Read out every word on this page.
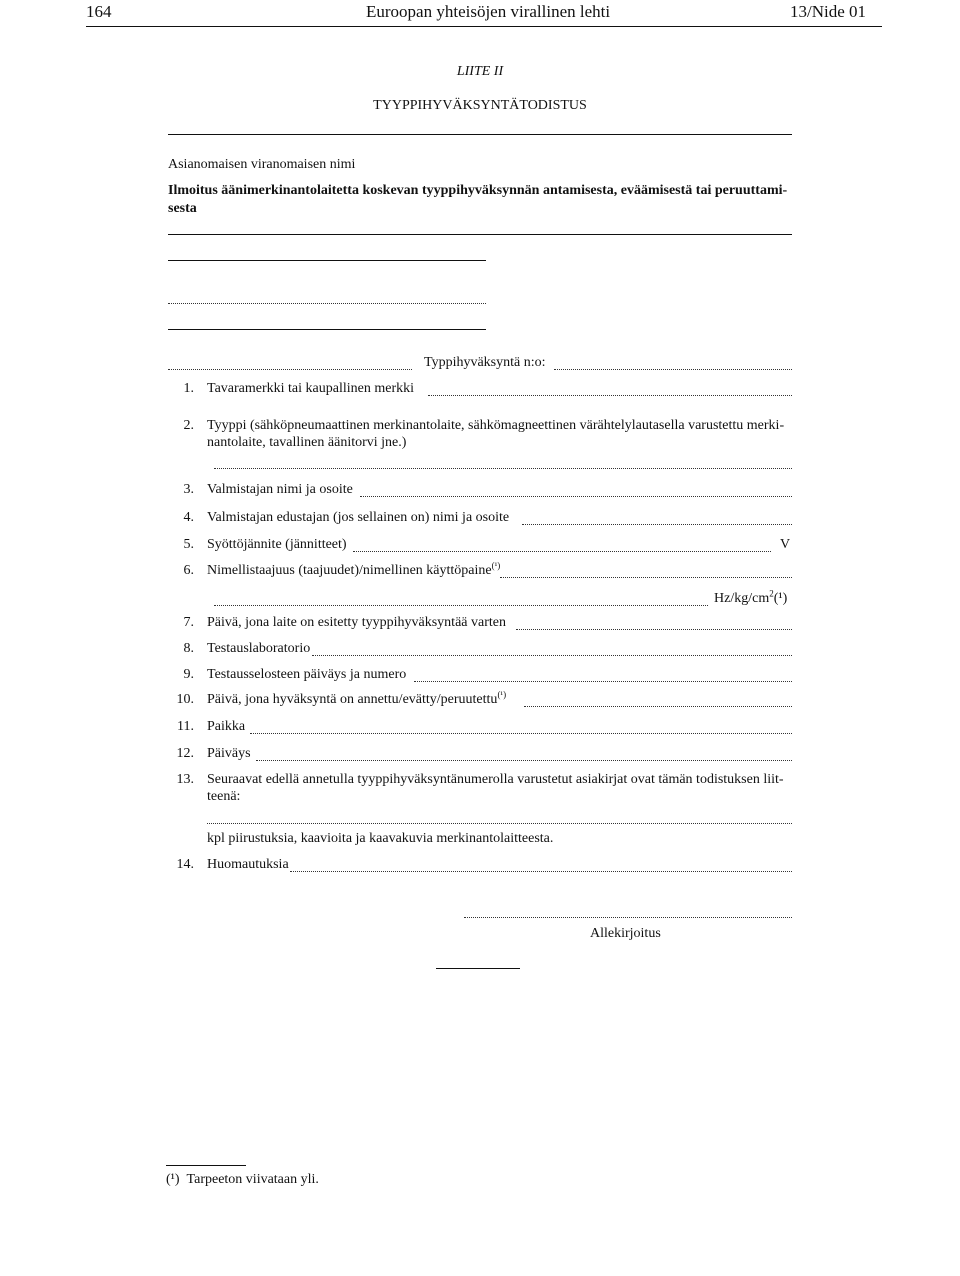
164	Euroopan yhteisöjen virallinen lehti	13/Nide 01
LIITE II
TYYPPIHYVÄKSYNTÄTODISTUS
Asianomaisen viranomaisen nimi
Ilmoitus äänimerkinantolaitetta koskevan tyyppihyväksynnän antamisesta, eväämisestä tai peruuttami-
sesta
Typpihyväksyntä n:o:
1. Tavaramerkki tai kaupallinen merkki
2. Tyyppi (sähköpneumaattinen merkinantolaite, sähkömagneettinen värähtelylautasella varustettu merki-
nantolaite, tavallinen äänitorvi jne.)
3. Valmistajan nimi ja osoite
4. Valmistajan edustajan (jos sellainen on) nimi ja osoite
5. Syöttöjännite (jännitteet)	V
6. Nimellistaajuus (taajuudet)/nimellinen käyttöpaine$^{(^1)}$
$Hz/kg/cm^2(^1)$
7. Päivä, jona laite on esitetty tyyppihyväksyntää varten
8. Testauslaboratorio
9. Testausselosteen päiväys ja numero
10. Päivä, jona hyväksyntä on annettu/evätty/peruutettu$^{(^1)}$
11. Paikka
12. Päiväys
13. Seuraavat edellä annetulla tyyppihyväksyntänumerolla varustetut asiakirjat ovat tämän todistuksen liit-
teenä:
kpl piirustuksia, kaavioita ja kaavakuvia merkinantolaitteesta.
14. Huomautuksia
Allekirjoitus
(¹) Tarpeeton viivataan yli.
